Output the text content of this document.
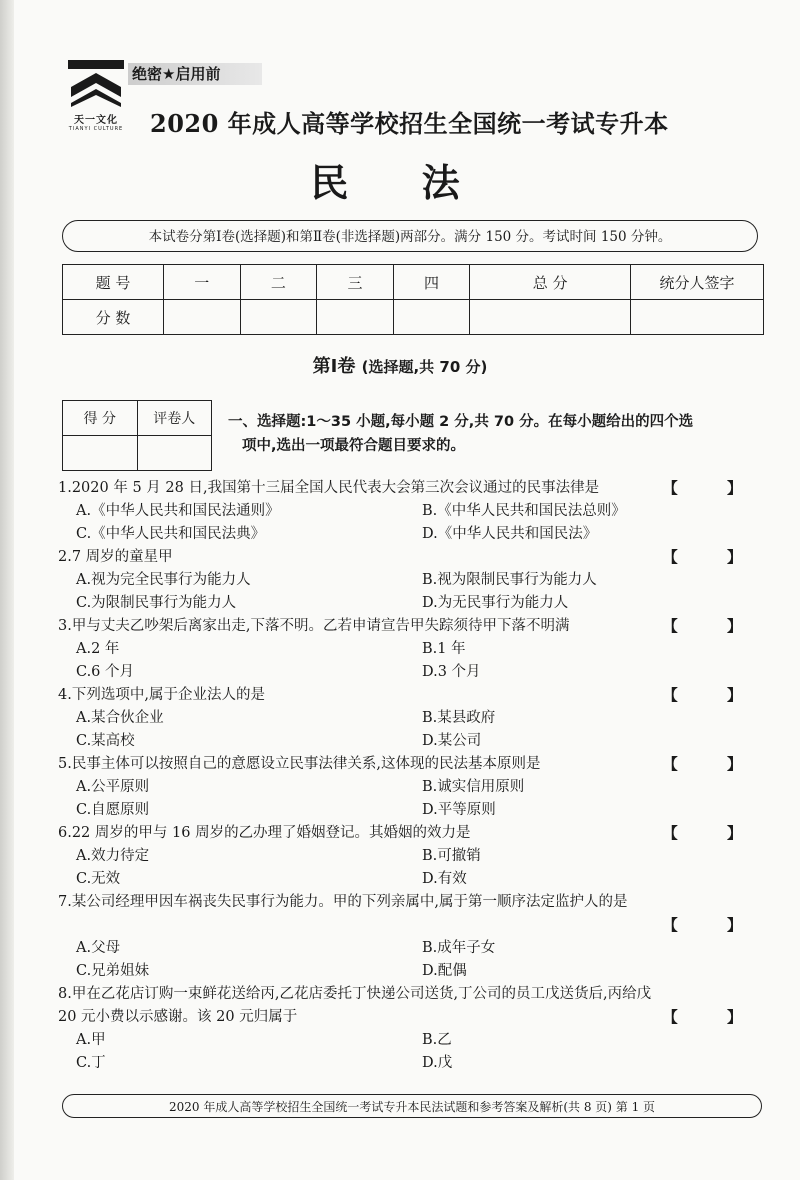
天一文化
TIANYI CULTURE
绝密★启用前
2020 年成人高等学校招生全国统一考试专升本
民 法
本试卷分第Ⅰ卷(选择题)和第Ⅱ卷(非选择题)两部分。满分 150 分。考试时间 150 分钟。
题 号	一	二	三	四	总 分	统分人签字
分 数						
第Ⅰ卷 (选择题,共 70 分)
得 分	评卷人
	一、选择题:1～35 小题,每小题 2 分,共 70 分。在每小题给出的四个选
项中,选出一项最符合题目要求的。
1.2020 年 5 月 28 日,我国第十三届全国人民代表大会第三次会议通过的民事法律是	【 】
A.《中华人民共和国民法通则》	B.《中华人民共和国民法总则》
C.《中华人民共和国民法典》	D.《中华人民共和国民法》
2.7 周岁的童星甲	【 】
A.视为完全民事行为能力人	B.视为限制民事行为能力人
C.为限制民事行为能力人	D.为无民事行为能力人
3.甲与丈夫乙吵架后离家出走,下落不明。乙若申请宣告甲失踪须待甲下落不明满	【 】
A.2 年	B.1 年
C.6 个月	D.3 个月
4.下列选项中,属于企业法人的是	【 】
A.某合伙企业	B.某县政府
C.某高校	D.某公司
5.民事主体可以按照自己的意愿设立民事法律关系,这体现的民法基本原则是	【 】
A.公平原则	B.诚实信用原则
C.自愿原则	D.平等原则
6.22 周岁的甲与 16 周岁的乙办理了婚姻登记。其婚姻的效力是	【 】
A.效力待定	B.可撤销
C.无效	D.有效
7.某公司经理甲因车祸丧失民事行为能力。甲的下列亲属中,属于第一顺序法定监护人的是
【 】
A.父母	B.成年子女
C.兄弟姐妹	D.配偶
8.甲在乙花店订购一束鲜花送给丙,乙花店委托丁快递公司送货,丁公司的员工戊送货后,丙给戊
20 元小费以示感谢。该 20 元归属于	【 】
A.甲	B.乙
C.丁	D.戊
2020 年成人高等学校招生全国统一考试专升本民法试题和参考答案及解析(共 8 页) 第 1 页
